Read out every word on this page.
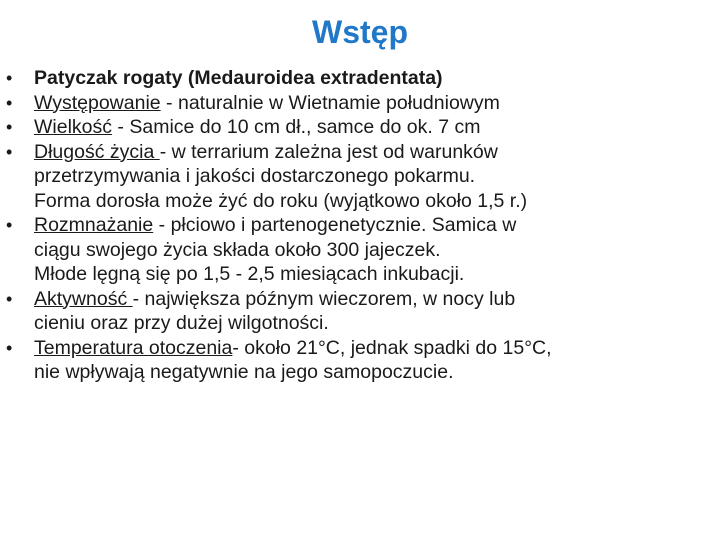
Wstęp
• Patyczak rogaty (Medauroidea extradentata)
• Występowanie - naturalnie w Wietnamie południowym
• Wielkość - Samice do 10 cm dł., samce do ok. 7 cm
• Długość życia - w terrarium zależna jest od warunków
przetrzymywania i jakości dostarczonego pokarmu.
Forma dorosła może żyć do roku (wyjątkowo około 1,5 r.)
• Rozmnażanie - płciowo i partenogenetycznie. Samica w
ciągu swojego życia składa około 300 jajeczek.
Młode lęgną się po 1,5 - 2,5 miesiącach inkubacji.
• Aktywność - największa późnym wieczorem, w nocy lub
cieniu oraz przy dużej wilgotności.
• Temperatura otoczenia- około 21°C, jednak spadki do 15°C,
nie wpływają negatywnie na jego samopoczucie.
